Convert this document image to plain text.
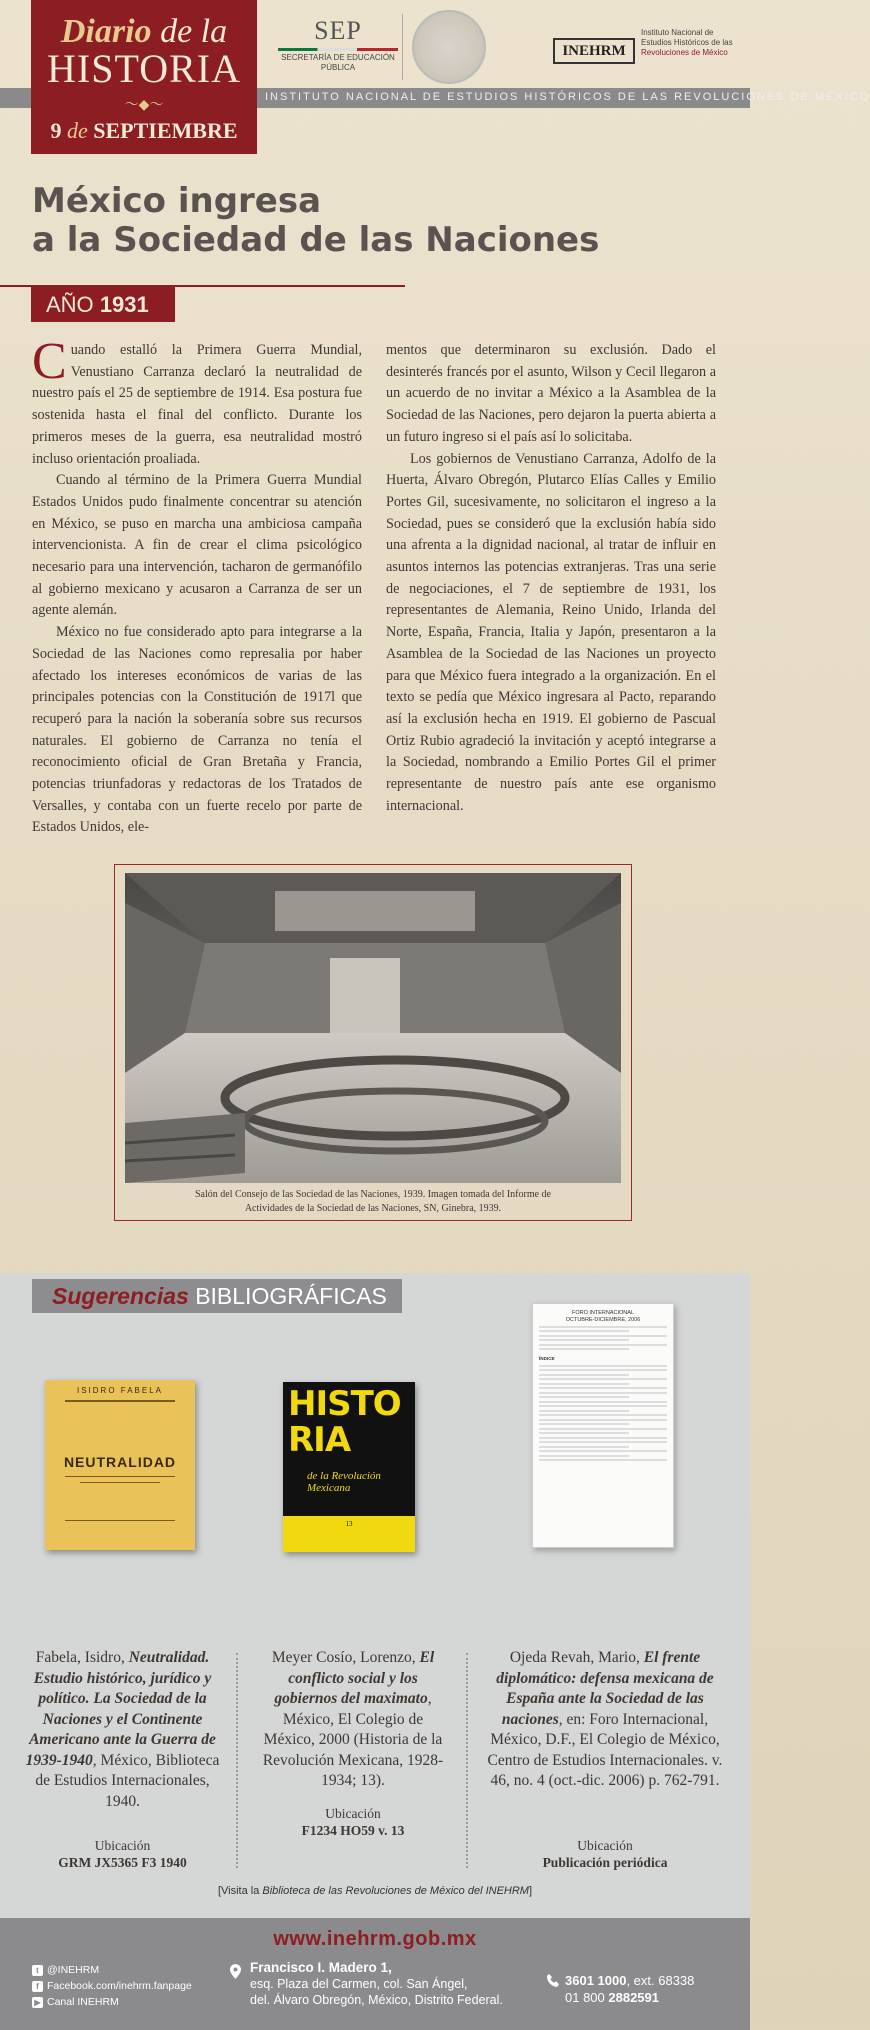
Diario de la
HISTORIA
～◆～
9 de SEPTIEMBRE
SEP
SECRETARÍA DE EDUCACIÓN PÚBLICA
INEHRM
Instituto Nacional de
Estudios Históricos de las
Revoluciones de México
INSTITUTO NACIONAL DE ESTUDIOS HISTÓRICOS DE LAS REVOLUCIONES DE MÉXICO
México ingresa
a la Sociedad de las Naciones
AÑO 1931

Cuando estalló la Primera Guerra Mundial, Venustiano Carranza declaró la neutralidad de nuestro país el 25 de septiembre de 1914. Esa postura fue sostenida hasta el final del conflicto. Durante los primeros meses de la guerra, esa neutralidad mostró incluso orientación proaliada.

Cuando al término de la Primera Guerra Mundial Estados Unidos pudo finalmente concentrar su atención en México, se puso en marcha una ambiciosa campaña intervencionista. A fin de crear el clima psicológico necesario para una intervención, tacharon de germanófilo al gobierno mexicano y acusaron a Carranza de ser un agente alemán.

México no fue considerado apto para integrarse a la Sociedad de las Naciones como represalia por haber afectado los intereses económicos de varias de las principales potencias con la Constitución de 1917l que recuperó para la nación la soberanía sobre sus recursos naturales. El gobierno de Carranza no tenía el reconocimiento oficial de Gran Bretaña y Francia, potencias triunfadoras y redactoras de los Tratados de Versalles, y contaba con un fuerte recelo por parte de Estados Unidos, ele-

mentos que determinaron su exclusión. Dado el desinterés francés por el asunto, Wilson y Cecil llegaron a un acuerdo de no invitar a México a la Asamblea de la Sociedad de las Naciones, pero dejaron la puerta abierta a un futuro ingreso si el país así lo solicitaba.

Los gobiernos de Venustiano Carranza, Adolfo de la Huerta, Álvaro Obregón, Plutarco Elías Calles y Emilio Portes Gil, sucesivamente, no solicitaron el ingreso a la Sociedad, pues se consideró que la exclusión había sido una afrenta a la dignidad nacional, al tratar de influir en asuntos internos las potencias extranjeras. Tras una serie de negociaciones, el 7 de septiembre de 1931, los representantes de Alemania, Reino Unido, Irlanda del Norte, España, Francia, Italia y Japón, presentaron a la Asamblea de la Sociedad de las Naciones un proyecto para que México fuera integrado a la organización. En el texto se pedía que México ingresara al Pacto, reparando así la exclusión hecha en 1919. El gobierno de Pascual Ortiz Rubio agradeció la invitación y aceptó integrarse a la Sociedad, nombrando a Emilio Portes Gil el primer representante de nuestro país ante ese organismo internacional.

Salón del Consejo de las Sociedad de las Naciones, 1939. Imagen tomada del Informe de
Actividades de la Sociedad de las Naciones, SN, Ginebra, 1939.
Sugerencias BIBLIOGRÁFICAS
ISIDRO FABELA
NEUTRALIDAD
HISTO
RIA
de la Revolución Mexicana
13
FORO INTERNACIONAL
OCTUBRE-DICIEMBRE, 2006
ÍNDICE
Fabela, Isidro, Neutralidad. Estudio histórico, jurídico y político. La Sociedad de la Naciones y el Continente Americano ante la Guerra de 1939-1940, México, Biblioteca de Estudios Internacionales, 1940.
Meyer Cosío, Lorenzo, El conflicto social y los gobiernos del maximato, México, El Colegio de México, 2000 (Historia de la Revolución Mexicana, 1928-1934; 13).
Ojeda Revah, Mario, El frente diplomático: defensa mexicana de España ante la Sociedad de las naciones, en: Foro Internacional, México, D.F., El Colegio de México, Centro de Estudios Internacionales. v. 46, no. 4 (oct.-dic. 2006) p. 762-791.
Ubicación
GRM JX5365 F3 1940
Ubicación
F1234 HO59 v. 13
Ubicación
Publicación periódica
[Visita la Biblioteca de las Revoluciones de México del INEHRM]
www.inehrm.gob.mx
t @INEHRM
f Facebook.com/inehrm.fanpage
▶ Canal INEHRM
Francisco I. Madero 1,
esq. Plaza del Carmen, col. San Ángel,
del. Álvaro Obregón, México, Distrito Federal.
3601 1000, ext. 68338
01 800 2882591
